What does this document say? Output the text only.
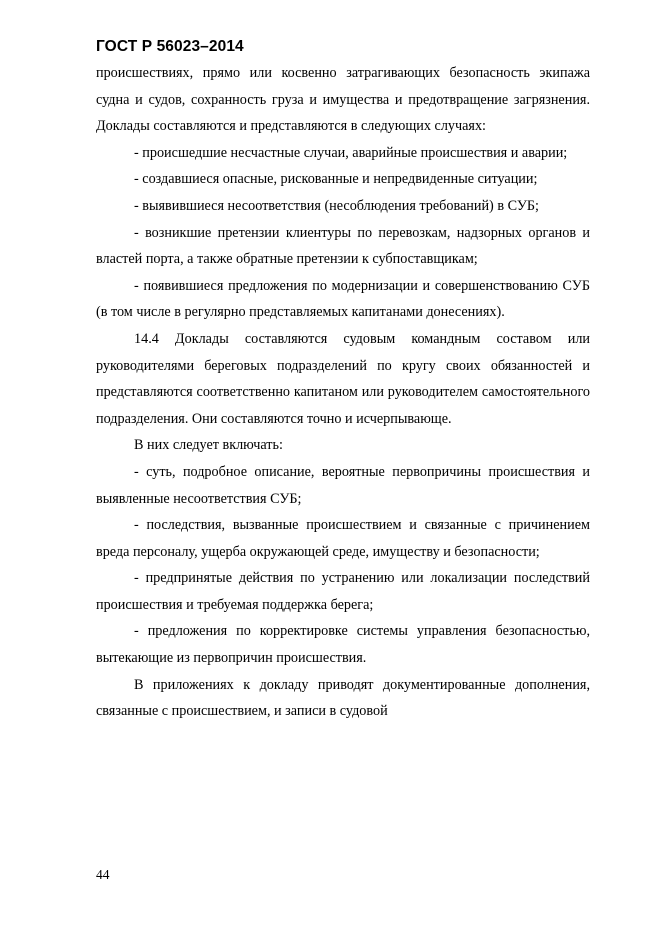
ГОСТ Р 56023–2014

происшествиях, прямо или косвенно затрагивающих безопасность экипажа судна и судов, сохранность груза и имущества и предотвращение загрязнения. Доклады составляются и представляются в следующих случаях:

- происшедшие несчастные случаи, аварийные происшествия и аварии;

- создавшиеся опасные, рискованные и непредвиденные ситуации;

- выявившиеся несоответствия (несоблюдения требований) в СУБ;

- возникшие претензии клиентуры по перевозкам, надзорных органов и властей порта, а также обратные претензии к субпоставщикам;

- появившиеся предложения по модернизации и совершенствованию СУБ (в том числе в регулярно представляемых капитанами донесениях).

14.4 Доклады составляются судовым командным составом или руководителями береговых подразделений по кругу своих обязанностей и представляются соответственно капитаном или руководителем самостоятельного подразделения. Они составляются точно и исчерпывающе.

В них следует включать:

- суть, подробное описание, вероятные первопричины происшествия и выявленные несоответствия СУБ;

- последствия, вызванные происшествием и связанные с причинением вреда персоналу, ущерба окружающей среде, имуществу и безопасности;

- предпринятые действия по устранению или локализации последствий происшествия и требуемая поддержка берега;

- предложения по корректировке системы управления безопасностью, вытекающие из первопричин происшествия.

В приложениях к докладу приводят документированные дополнения, связанные с происшествием, и записи в судовой

44
